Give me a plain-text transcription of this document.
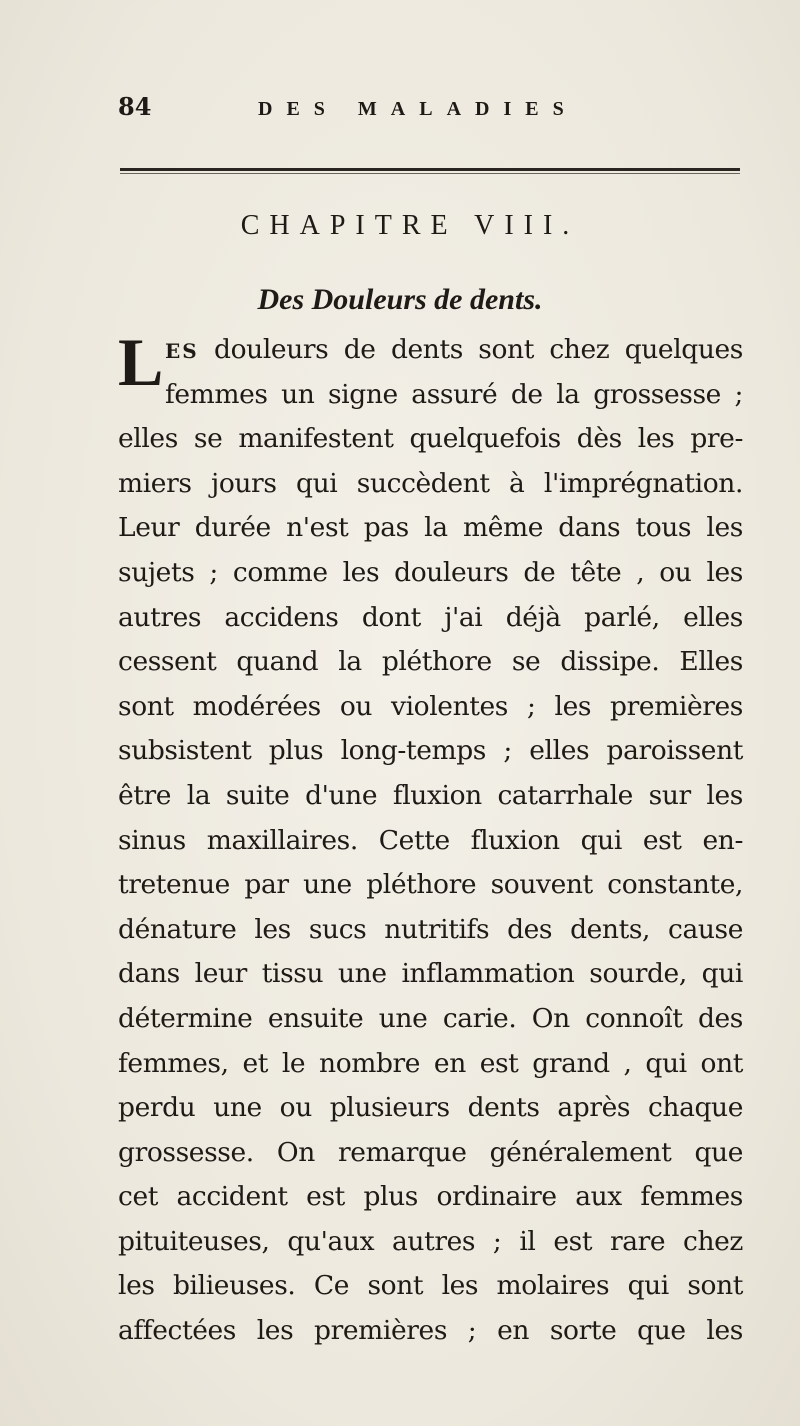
84	DES MALADIES
CHAPITRE VIII.
Des Douleurs de dents.
LES douleurs de dents sont chez quelques
femmes un signe assuré de la grossesse ;
elles se manifestent quelquefois dès les pre-
miers jours qui succèdent à l'imprégnation.
Leur durée n'est pas la même dans tous les
sujets ; comme les douleurs de tête , ou les
autres accidens dont j'ai déjà parlé, elles
cessent quand la pléthore se dissipe. Elles
sont modérées ou violentes ; les premières
subsistent plus long-temps ; elles paroissent
être la suite d'une fluxion catarrhale sur les
sinus maxillaires. Cette fluxion qui est en-
tretenue par une pléthore souvent constante,
dénature les sucs nutritifs des dents, cause
dans leur tissu une inflammation sourde, qui
détermine ensuite une carie. On connoît des
femmes, et le nombre en est grand , qui ont
perdu une ou plusieurs dents après chaque
grossesse. On remarque généralement que
cet accident est plus ordinaire aux femmes
pituiteuses, qu'aux autres ; il est rare chez
les bilieuses. Ce sont les molaires qui sont
affectées les premières ; en sorte que les
